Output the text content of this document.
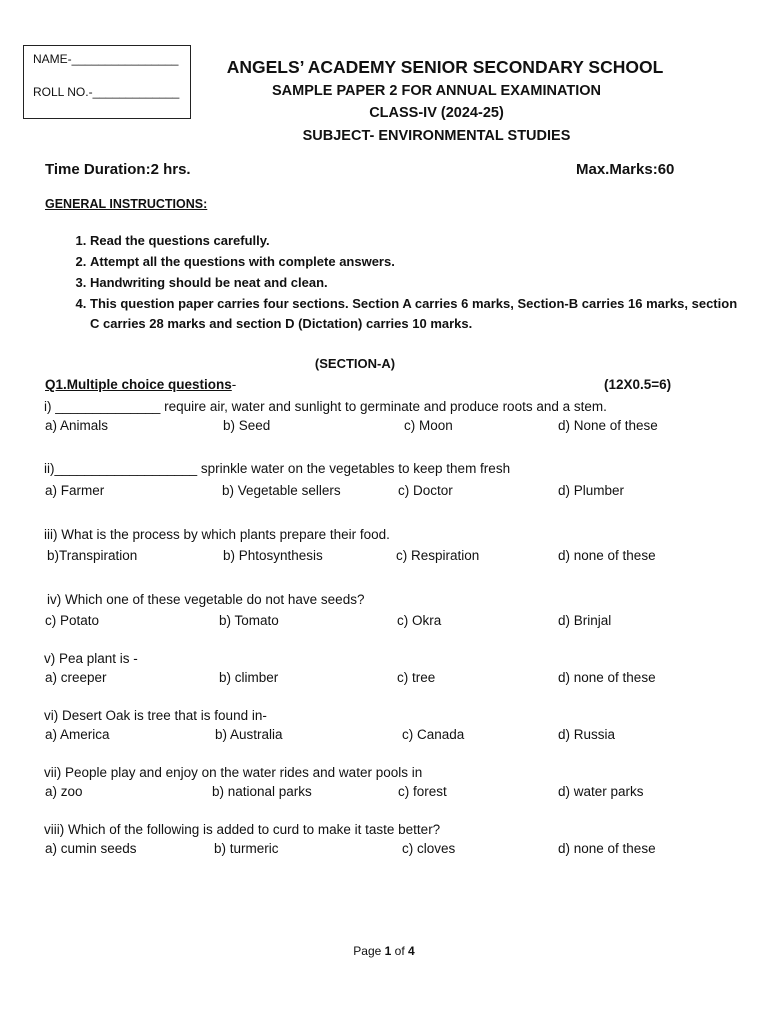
NAME-________________
ROLL NO.-_____________
ANGELS’ ACADEMY SENIOR SECONDARY SCHOOL
SAMPLE PAPER 2 FOR ANNUAL EXAMINATION
CLASS-IV (2024-25)
SUBJECT- ENVIRONMENTAL STUDIES
Time Duration:2 hrs.	Max.Marks:60
GENERAL INSTRUCTIONS:
1. Read the questions carefully.
2. Attempt all the questions with complete answers.
3. Handwriting should be neat and clean.
4. This question paper carries four sections. Section A carries 6 marks, Section-B carries 16 marks, section C carries 28 marks and section D (Dictation) carries 10 marks.
(SECTION-A)
Q1.Multiple choice questions-	(12X0.5=6)
i) ______________ require air, water and sunlight to germinate and produce roots and a stem.
a) Animals	b) Seed	c) Moon	d) None of these
ii)___________________ sprinkle water on the vegetables to keep them fresh
a) Farmer	b) Vegetable sellers	c) Doctor	d) Plumber
iii) What is the process by which plants prepare their food.
b)Transpiration	b) Phtosynthesis	c) Respiration	d) none of these
iv) Which one of these vegetable do not have seeds?
c) Potato	b) Tomato	c) Okra	d) Brinjal
v) Pea plant is -
a) creeper	b) climber	c) tree	d) none of these
vi) Desert Oak is tree that is found in-
a) America	b) Australia	c) Canada	d) Russia
vii) People play and enjoy on the water rides and water pools in
a) zoo	b) national parks	c) forest	d) water parks
viii) Which of the following is added to curd to make it taste better?
a) cumin seeds	b) turmeric	c) cloves	d) none of these
Page 1 of 4
